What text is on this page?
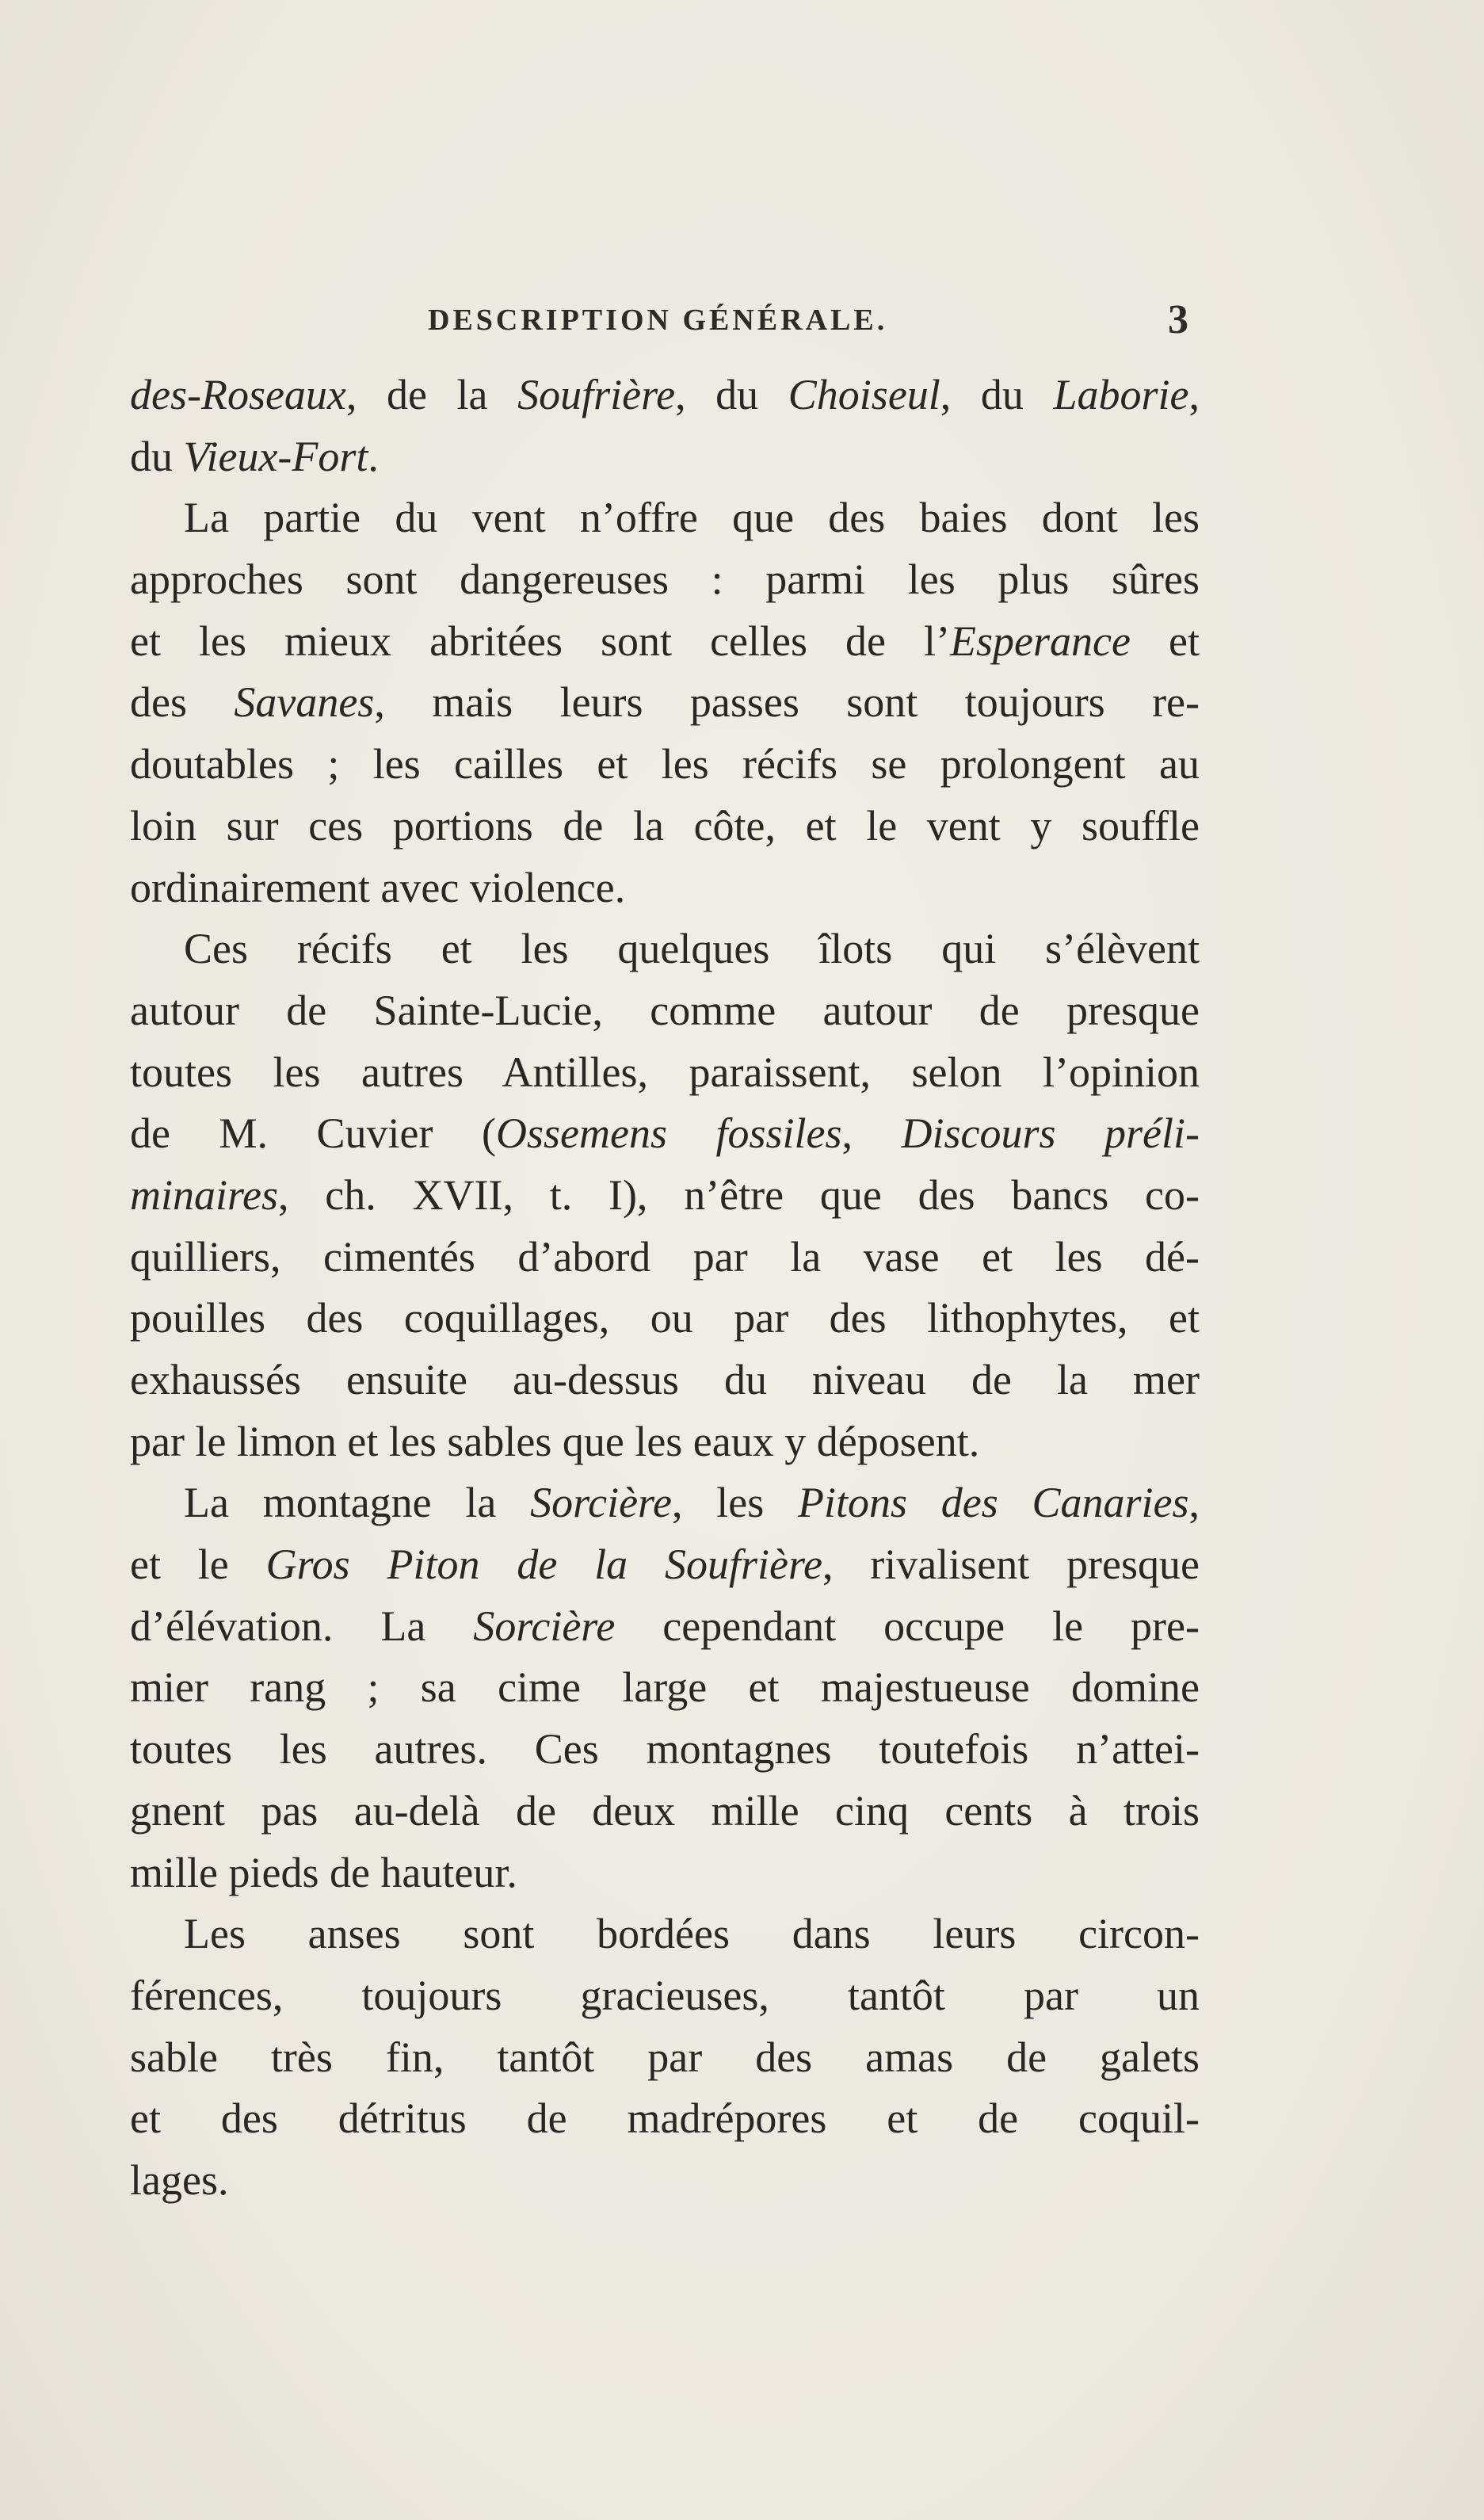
DESCRIPTION GÉNÉRALE.	3
des-Roseaux, de la Soufrière, du Choiseul, du Laborie,
du Vieux-Fort.
La partie du vent n’offre que des baies dont les
approches sont dangereuses : parmi les plus sûres
et les mieux abritées sont celles de l’Esperance et
des Savanes, mais leurs passes sont toujours re-
doutables ; les cailles et les récifs se prolongent au
loin sur ces portions de la côte, et le vent y souffle
ordinairement avec violence.
Ces récifs et les quelques îlots qui s’élèvent
autour de Sainte-Lucie, comme autour de presque
toutes les autres Antilles, paraissent, selon l’opinion
de M. Cuvier (Ossemens fossiles, Discours préli-
minaires, ch. XVII, t. I), n’être que des bancs co-
quilliers, cimentés d’abord par la vase et les dé-
pouilles des coquillages, ou par des lithophytes, et
exhaussés ensuite au-dessus du niveau de la mer
par le limon et les sables que les eaux y déposent.
La montagne la Sorcière, les Pitons des Canaries,
et le Gros Piton de la Soufrière, rivalisent presque
d’élévation. La Sorcière cependant occupe le pre-
mier rang ; sa cime large et majestueuse domine
toutes les autres. Ces montagnes toutefois n’attei-
gnent pas au-delà de deux mille cinq cents à trois
mille pieds de hauteur.
Les anses sont bordées dans leurs circon-
férences, toujours gracieuses, tantôt par un
sable très fin, tantôt par des amas de galets
et des détritus de madrépores et de coquil-
lages.
